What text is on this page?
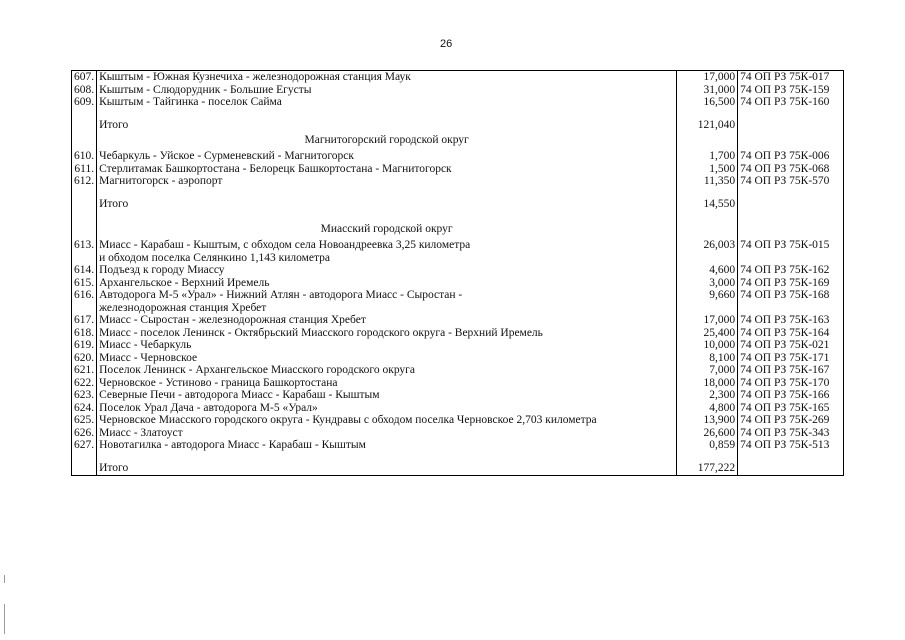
26
607.	Кыштым - Южная Кузнечиха - железнодорожная станция Маук	17,000	74 ОП РЗ 75К-017
608.	Кыштым - Слюдорудник - Большие Егусты	31,000	74 ОП РЗ 75К-159
609.	Кыштым - Тайгинка - поселок Сайма	16,500	74 ОП РЗ 75К-160

	Итого	121,040	
	Магнитогорский городской округ		
610.	Чебаркуль - Уйское - Сурменевский - Магнитогорск	1,700	74 ОП РЗ 75К-006
611.	Стерлитамак Башкортостана - Белорецк Башкортостана - Магнитогорск	1,500	74 ОП РЗ 75К-068
612.	Магнитогорск - аэропорт	11,350	74 ОП РЗ 75К-570

	Итого	14,550	

	Миасский городской округ		
613.	Миасс - Карабаш - Кыштым, с обходом села Новоандреевка 3,25 километра
и обходом поселка Селянкино 1,143 километра	26,003	74 ОП РЗ 75К-015
614.	Подъезд к городу Миассу	4,600	74 ОП РЗ 75К-162
615.	Архангельское - Верхний Иремель	3,000	74 ОП РЗ 75К-169
616.	Автодорога М-5 «Урал» - Нижний Атлян - автодорога Миасс - Сыростан -
железнодорожная станция Хребет	9,660	74 ОП РЗ 75К-168
617.	Миасс - Сыростан - железнодорожная станция Хребет	17,000	74 ОП РЗ 75К-163
618.	Миасс - поселок Ленинск - Октябрьский Миасского городского округа - Верхний Иремель	25,400	74 ОП РЗ 75К-164
619.	Миасс - Чебаркуль	10,000	74 ОП РЗ 75К-021
620.	Миасс - Черновское	8,100	74 ОП РЗ 75К-171
621.	Поселок Ленинск - Архангельское Миасского городского округа	7,000	74 ОП РЗ 75К-167
622.	Черновское - Устиново - граница Башкортостана	18,000	74 ОП РЗ 75К-170
623.	Северные Печи - автодорога Миасс - Карабаш - Кыштым	2,300	74 ОП РЗ 75К-166
624.	Поселок Урал Дача - автодорога М-5 «Урал»	4,800	74 ОП РЗ 75К-165
625.	Черновское Миасского городского округа - Кундравы с обходом поселка Черновское 2,703 километра	13,900	74 ОП РЗ 75К-269
626.	Миасс - Златоуст	26,600	74 ОП РЗ 75К-343
627.	Новотагилка - автодорога Миасс - Карабаш - Кыштым	0,859	74 ОП РЗ 75К-513

	Итого	177,222	
